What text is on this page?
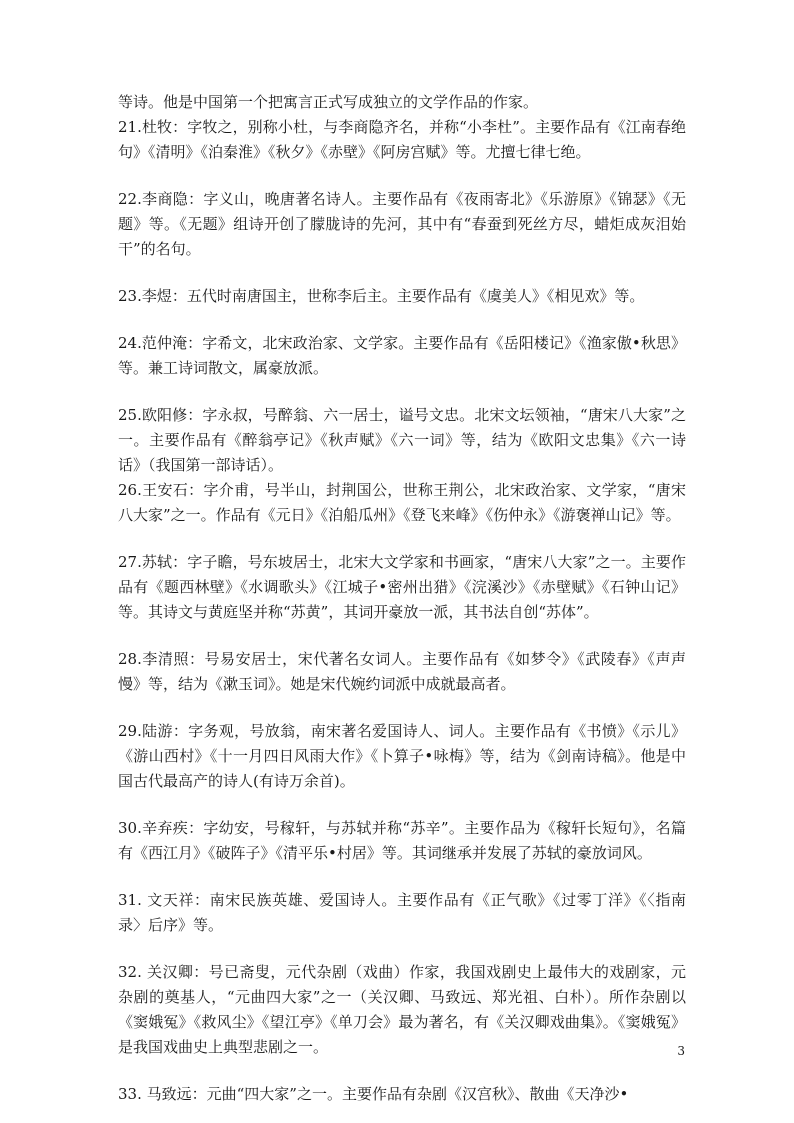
等诗。他是中国第一个把寓言正式写成独立的文学作品的作家。

21.杜牧：字牧之，别称小杜，与李商隐齐名，并称“小李杜”。主要作品有《江南春绝句》《清明》《泊秦淮》《秋夕》《赤壁》《阿房宫赋》等。尤擅七律七绝。

22.李商隐：字义山，晚唐著名诗人。主要作品有《夜雨寄北》《乐游原》《锦瑟》《无题》等。《无题》组诗开创了朦胧诗的先河，其中有“春蚕到死丝方尽，蜡炬成灰泪始干”的名句。

23.李煜：五代时南唐国主，世称李后主。主要作品有《虞美人》《相见欢》等。

24.范仲淹：字希文，北宋政治家、文学家。主要作品有《岳阳楼记》《渔家傲•秋思》等。兼工诗词散文，属豪放派。

25.欧阳修：字永叔，号醉翁、六一居士，谥号文忠。北宋文坛领袖，“唐宋八大家”之一。主要作品有《醉翁亭记》《秋声赋》《六一词》等，结为《欧阳文忠集》《六一诗话》（我国第一部诗话）。

26.王安石：字介甫，号半山，封荆国公，世称王荆公，北宋政治家、文学家，“唐宋八大家”之一。作品有《元日》《泊船瓜州》《登飞来峰》《伤仲永》《游褒禅山记》等。

27.苏轼：字子瞻，号东坡居士，北宋大文学家和书画家，“唐宋八大家”之一。主要作品有《题西林壁》《水调歌头》《江城子•密州出猎》《浣溪沙》《赤壁赋》《石钟山记》等。其诗文与黄庭坚并称“苏黄”，其词开豪放一派，其书法自创“苏体”。

28.李清照：号易安居士，宋代著名女词人。主要作品有《如梦令》《武陵春》《声声慢》等，结为《漱玉词》。她是宋代婉约词派中成就最高者。

29.陆游：字务观，号放翁，南宋著名爱国诗人、词人。主要作品有《书愤》《示儿》《游山西村》《十一月四日风雨大作》《卜算子•咏梅》等，结为《剑南诗稿》。他是中国古代最高产的诗人(有诗万余首)。

30.辛弃疾：字幼安，号稼轩，与苏轼并称“苏辛”。主要作品为《稼轩长短句》，名篇有《西江月》《破阵子》《清平乐•村居》等。其词继承并发展了苏轼的豪放词风。

31. 文天祥：南宋民族英雄、爱国诗人。主要作品有《正气歌》《过零丁洋》《〈指南录〉后序》等。

32. 关汉卿：号已斋叟，元代杂剧（戏曲）作家，我国戏剧史上最伟大的戏剧家，元杂剧的奠基人，“元曲四大家”之一（关汉卿、马致远、郑光祖、白朴）。所作杂剧以《窦娥冤》《救风尘》《望江亭》《单刀会》最为著名，有《关汉卿戏曲集》。《窦娥冤》是我国戏曲史上典型悲剧之一。

33. 马致远：元曲“四大家”之一。主要作品有杂剧《汉宫秋》、散曲《天净沙•

3
